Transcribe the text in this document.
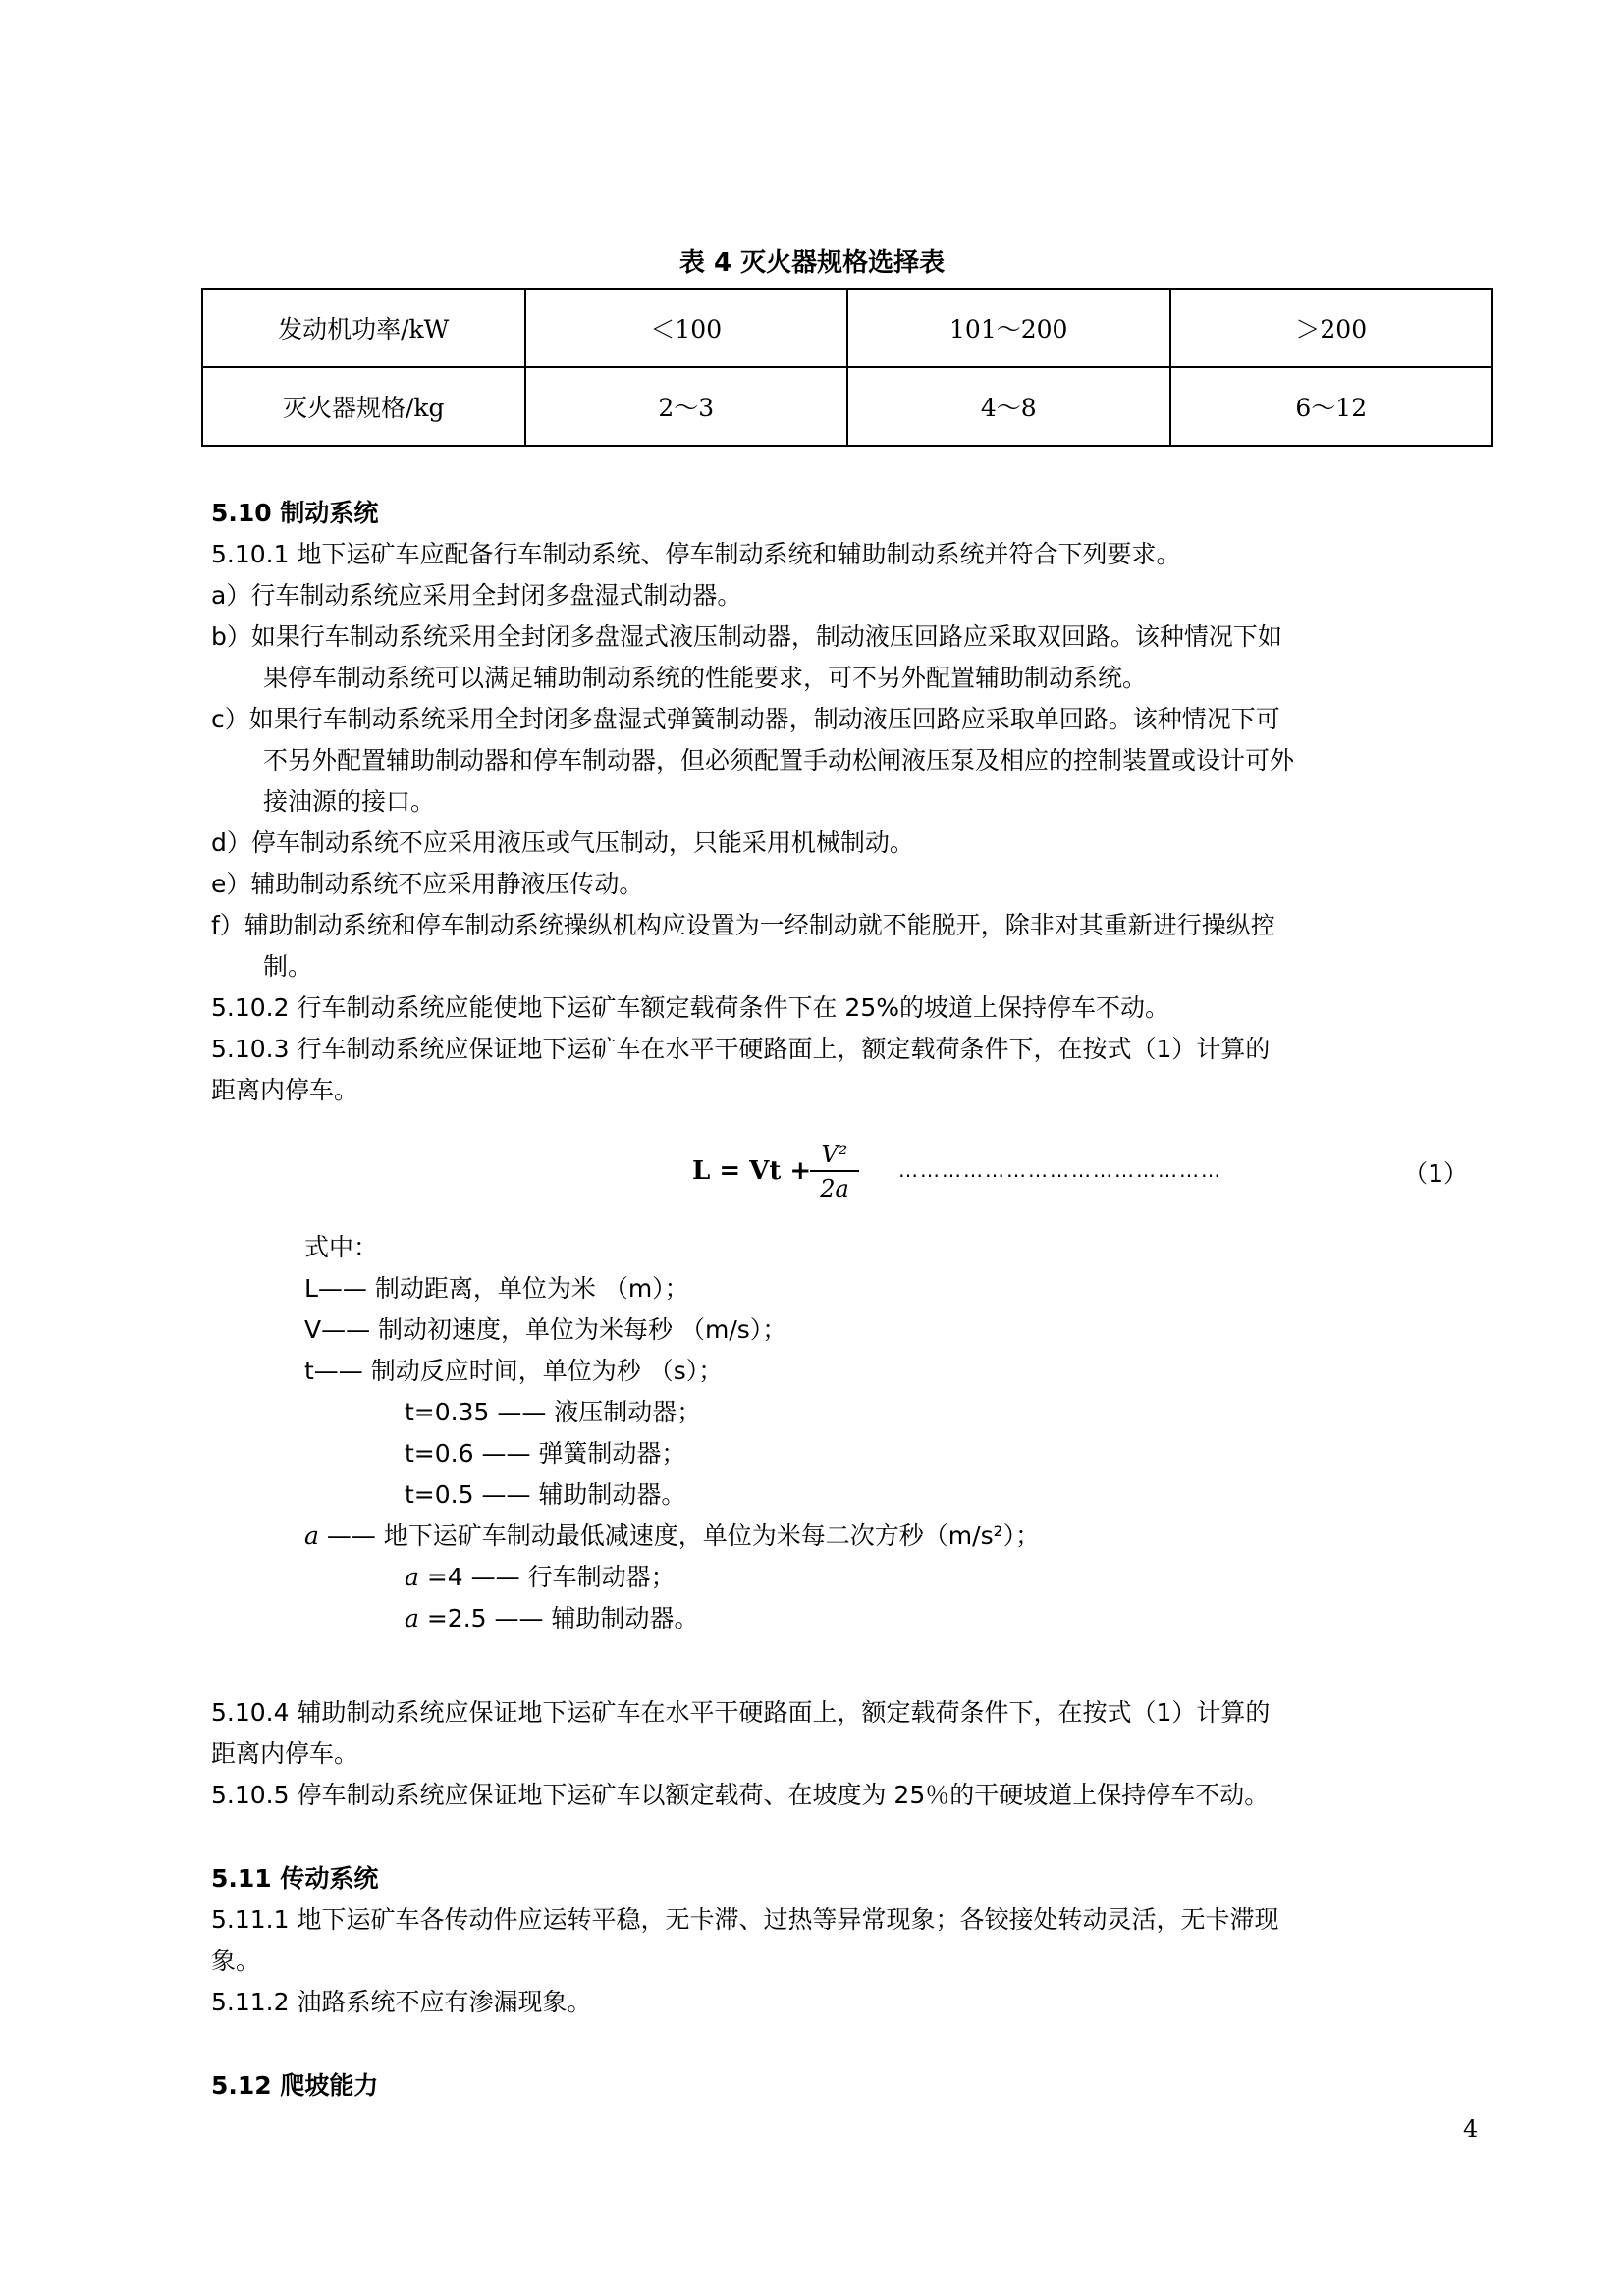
表 4 灭火器规格选择表
发动机功率/kW	＜100	101～200	＞200
灭火器规格/kg	2～3	4～8	6～12
5.10 制动系统
5.10.1 地下运矿车应配备行车制动系统、停车制动系统和辅助制动系统并符合下列要求。
a）行车制动系统应采用全封闭多盘湿式制动器。
b）如果行车制动系统采用全封闭多盘湿式液压制动器，制动液压回路应采取双回路。该种情况下如
果停车制动系统可以满足辅助制动系统的性能要求，可不另外配置辅助制动系统。
c）如果行车制动系统采用全封闭多盘湿式弹簧制动器，制动液压回路应采取单回路。该种情况下可
不另外配置辅助制动器和停车制动器，但必须配置手动松闸液压泵及相应的控制装置或设计可外
接油源的接口。
d）停车制动系统不应采用液压或气压制动，只能采用机械制动。
e）辅助制动系统不应采用静液压传动。
f）辅助制动系统和停车制动系统操纵机构应设置为一经制动就不能脱开，除非对其重新进行操纵控
制。
5.10.2 行车制动系统应能使地下运矿车额定载荷条件下在 25%的坡道上保持停车不动。
5.10.3 行车制动系统应保证地下运矿车在水平干硬路面上，额定载荷条件下，在按式（1）计算的
距离内停车。
L = Vt +
$\frac{\text{V²}}{2a}$ ………………………………………	（1）
式中：
L—— 制动距离，单位为米 （m）；
V—— 制动初速度，单位为米每秒 （m/s）；
t—— 制动反应时间，单位为秒 （s）；
t=0.35 —— 液压制动器；
t=0.6 —— 弹簧制动器；
t=0.5 —— 辅助制动器。
a —— 地下运矿车制动最低减速度，单位为米每二次方秒（m/s²）；
a =4 —— 行车制动器；
a =2.5 —— 辅助制动器。
5.10.4 辅助制动系统应保证地下运矿车在水平干硬路面上，额定载荷条件下，在按式（1）计算的
距离内停车。
5.10.5 停车制动系统应保证地下运矿车以额定载荷、在坡度为 25％的干硬坡道上保持停车不动。
5.11 传动系统
5.11.1 地下运矿车各传动件应运转平稳，无卡滞、过热等异常现象；各铰接处转动灵活，无卡滞现
象。
5.11.2 油路系统不应有渗漏现象。
5.12 爬坡能力
4
